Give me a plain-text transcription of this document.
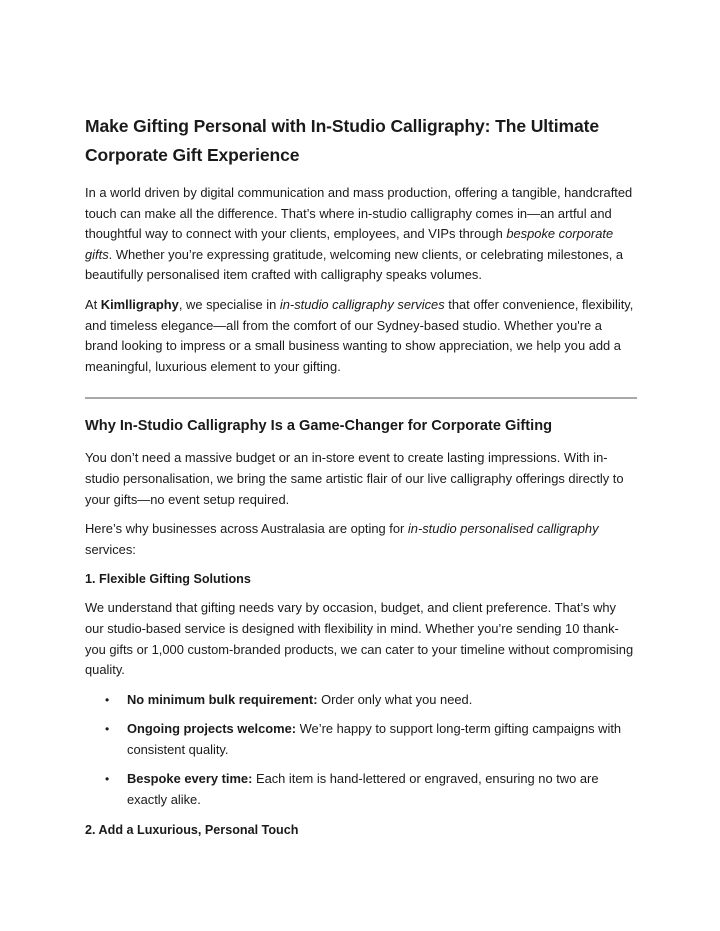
Make Gifting Personal with In-Studio Calligraphy: The Ultimate Corporate Gift Experience

In a world driven by digital communication and mass production, offering a tangible, handcrafted touch can make all the difference. That’s where in-studio calligraphy comes in—an artful and thoughtful way to connect with your clients, employees, and VIPs through bespoke corporate gifts. Whether you’re expressing gratitude, welcoming new clients, or celebrating milestones, a beautifully personalised item crafted with calligraphy speaks volumes.

At Kimlligraphy, we specialise in in-studio calligraphy services that offer convenience, flexibility, and timeless elegance—all from the comfort of our Sydney-based studio. Whether you're a brand looking to impress or a small business wanting to show appreciation, we help you add a meaningful, luxurious element to your gifting.

Why In-Studio Calligraphy Is a Game-Changer for Corporate Gifting

You don’t need a massive budget or an in-store event to create lasting impressions. With in-studio personalisation, we bring the same artistic flair of our live calligraphy offerings directly to your gifts—no event setup required.

Here’s why businesses across Australasia are opting for in-studio personalised calligraphy services:

1. Flexible Gifting Solutions

We understand that gifting needs vary by occasion, budget, and client preference. That’s why our studio-based service is designed with flexibility in mind. Whether you’re sending 10 thank-you gifts or 1,000 custom-branded products, we can cater to your timeline without compromising quality.

• No minimum bulk requirement: Order only what you need.
• Ongoing projects welcome: We’re happy to support long-term gifting campaigns with consistent quality.
• Bespoke every time: Each item is hand-lettered or engraved, ensuring no two are exactly alike.
2. Add a Luxurious, Personal Touch
